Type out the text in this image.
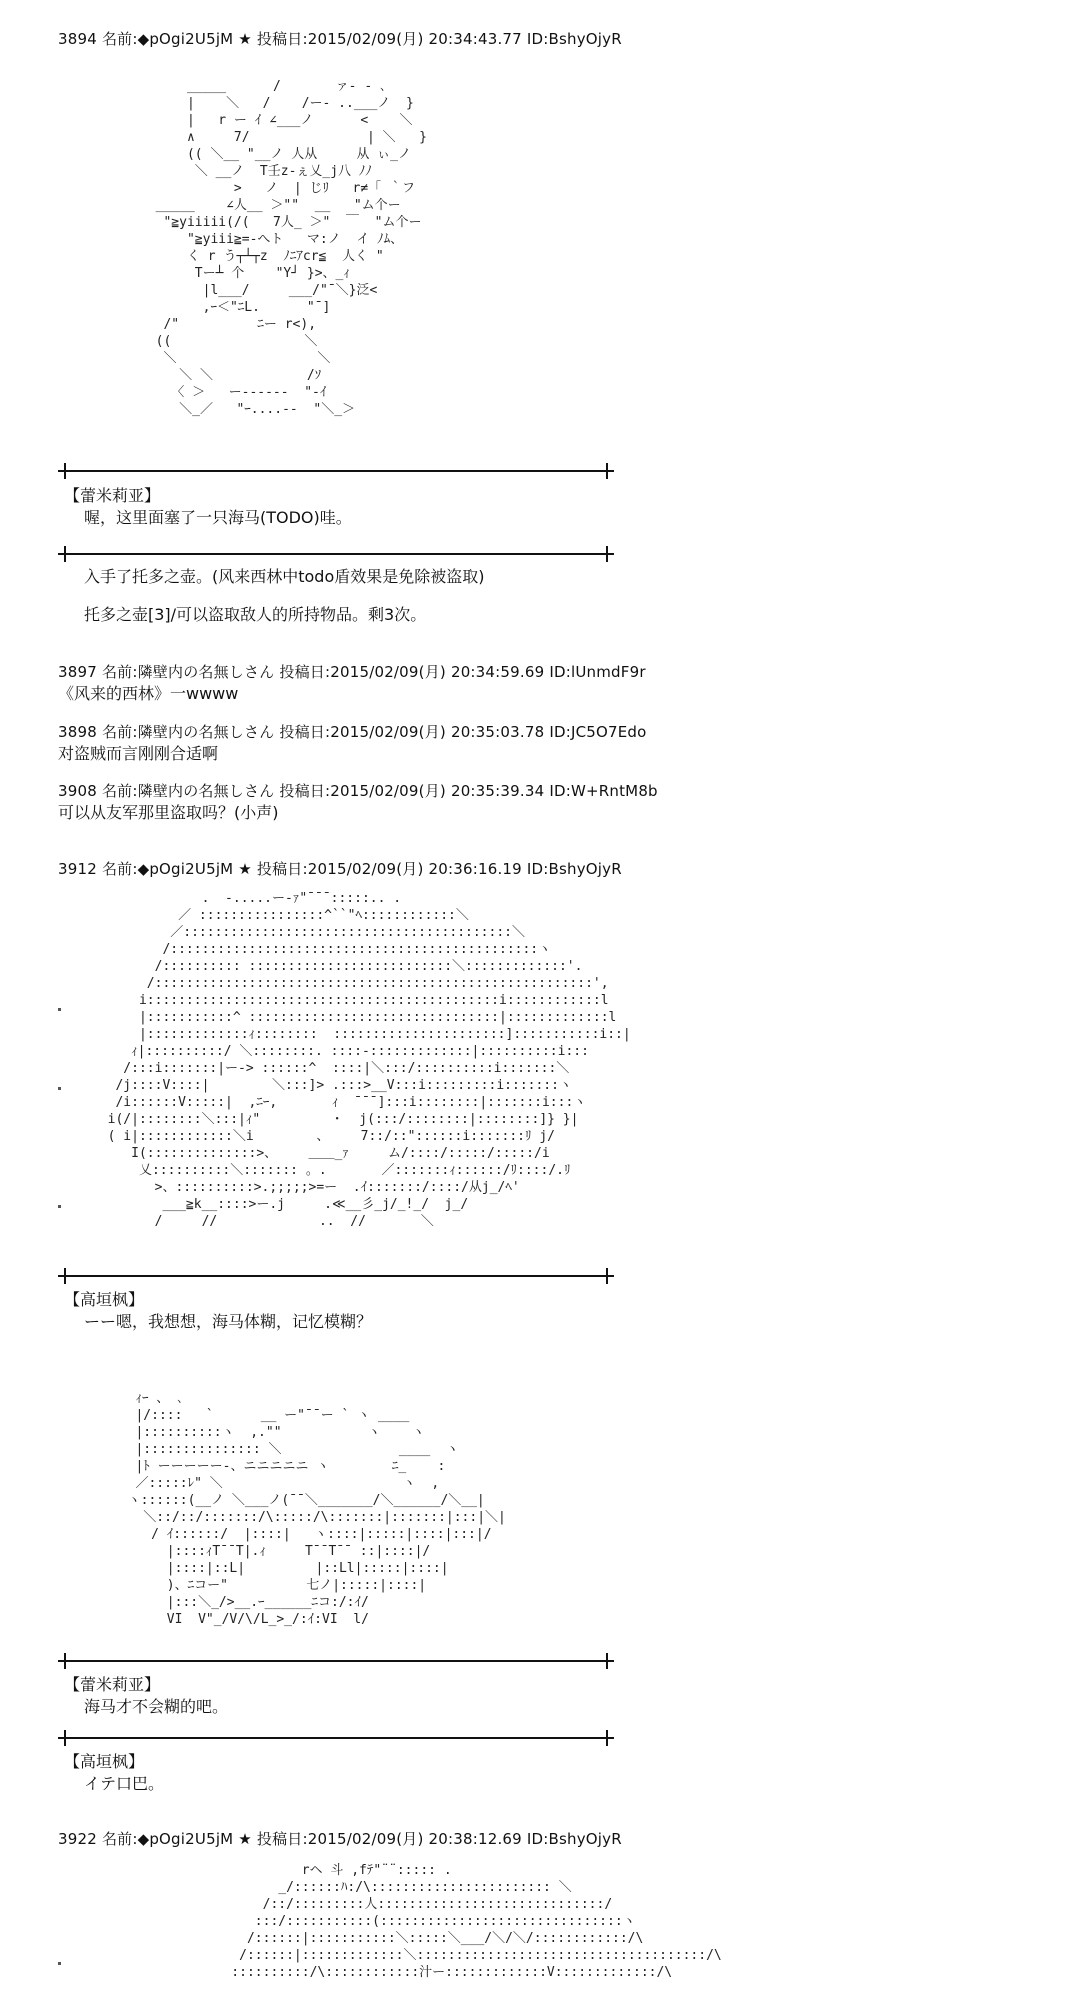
3894 名前:◆pOgi2U5jM ★ 投稿日:2015/02/09(月) 20:34:43.77 ID:BshyOjyR
_____      /       ァ‐ ‐ ､
|    ＼   /    /ー‐ ..___ノ  }
|   r ー ｲ ∠___ノ      <    ＼
∧     7/               | ＼   }
(( ＼__ "__ノ 人从     从 ぃ_ノ
＼ __ノ  T壬z-ぇ乂_j八 ﾉﾉ
>   ノ  | じﾘ   r≠「 ｀フ
_____    ∠人__ ＞""  __   "ム个ー
"≧yiiiii(/(   7人_ ＞"  ￣  "ム个ー
"≧yiii≧=-へト   マ:ノ  イ ﾉﾑ、
く r う┬┴┬z  ﾉﾆｱcr≦  人く "
Tー┴ 个    "Y┘ }>、_ｨ
|l___/     ___/"¯＼}泛<
,ｰ＜"ﾆL.      "¯]
/"          ﾆー r<),
((                 ＼
＼                  ＼
＼ ＼            /ｿ
〈 ＞   ー------  "-ｲ
＼_／   "ｰ....-‐  "＼_＞
【蕾米莉亚】
喔，这里面塞了一只海马(TODO)哇。
入手了托多之壶。(风来西林中todo盾效果是免除被盗取)
托多之壶[3]/可以盗取敌人的所持物品。剩3次。
3897 名前:隣壁内の名無しさん 投稿日:2015/02/09(月) 20:34:59.69 ID:lUnmdF9r
《风来的西林》一wwww
3898 名前:隣壁内の名無しさん 投稿日:2015/02/09(月) 20:35:03.78 ID:JC5O7Edo
对盗贼而言刚刚合适啊
3908 名前:隣壁内の名無しさん 投稿日:2015/02/09(月) 20:35:39.34 ID:W+RntM8b
可以从友军那里盗取吗？(小声)
3912 名前:◆pOgi2U5jM ★ 投稿日:2015/02/09(月) 20:36:16.19 ID:BshyOjyR
.  ‐.....ー‐ｧ"¯¯¯:::::.. .
／ ::::::::::::::::^``"ﾍ::::::::::::＼
／::::::::::::::::::::::::::::::::::::::::::＼
/:::::::::::::::::::::::::::::::::::::::::::::::ヽ
/:::::::::: ::::::::::::::::::::::::::＼:::::::::::::'.
/::::::::::::::::::::::::::::::::::::::::::::::::::::::::',
i:::::::::::::::::::::::::::::::::::::::::::::i::::::::::::l
|:::::::::::^ ::::::::::::::::::::::::::::::::|:::::::::::::l
|:::::::::::::ｨ::::::::  ::::::::::::::::::::::]:::::::::::i::|
ｨ|::::::::::/ ＼::::::::. ::::-:::::::::::::|::::::::::i:::
/:::i:::::::|ー‐> ::::::^  ::::|＼:::/::::::::::i:::::::＼
/j::::V::::|        ＼:::]> .:::>__V:::i:::::::::i:::::::ヽ
/i::::::V:::::|  ,ﾆｰ,       ｨ  ¯¯¯]:::i::::::::|:::::::i:::ヽ
i(/|::::::::＼:::|ｨ"         ・  j(:::/::::::::|::::::::]} }|
( i|::::::::::::＼i        、    7::/::"::::::i:::::::ﾘ j/
I(::::::::::::::>、    ＿＿_ｧ     ム/::::/:::::/:::::/i
乂::::::::::＼::::::: 。.       ／:::::::ｨ::::::/ﾘ::::/.ﾘ
>、::::::::::>.;;;;;>=ー  .ｲ:::::::/::::/从j_/ﾍ'
___≧k__::::>ー.j     .≪__彡_j/_!_/  j_/
/     //             ..  //       ＼
【高垣枫】
ーー嗯，我想想，海马体糊，记忆模糊？
ｨｰ 、 ､
|/::::   `      __ ー"¯¯ー ` ヽ ____
|::::::::::ヽ  ,.""           ヽ    ヽ
|::::::::::::::: ＼               ____  ヽ
|ﾄ ーーーーー-、ニニニニニ ヽ        ﾆ_    :
／:::::ﾚ" ＼                       ヽ  ,
ヽ::::::(__ノ ＼___ノ(¯¯＼_______/＼______/＼__|
＼::/::/:::::::/\:::::/\:::::::|:::::::|:::|＼|
/ ｲ::::::/  |::::|   ヽ::::|:::::|::::|:::|/
|::::ｨT¯¯T|.ｨ     T¯¯T¯¯ ::|::::|/
|::::|::L|         |::Ll|:::::|::::|
)、ﾆコー"          七ノ|:::::|::::|
|:::＼_/>__.ｰ______ﾆコ:/:ｲ/
VI  V"_/V/\/L_>_/:ｲ:VI  l/
【蕾米莉亚】
海马才不会糊的吧。
【高垣枫】
イテ口巴。
3922 名前:◆pOgi2U5jM ★ 投稿日:2015/02/09(月) 20:38:12.69 ID:BshyOjyR
rヘ 斗 ,fﾃ"¨¨::::: .
_/::::::ﾊ:/\::::::::::::::::::::::: ＼
/::/:::::::::人:::::::::::::::::::::::::::::/
:::/:::::::::::(:::::::::::::::::::::::::::::::ヽ
/::::::|:::::::::::＼:::::＼___/＼/＼/::::::::::::/\
/::::::|:::::::::::::＼:::::::::::::::::::::::::::::::::::::/\
::::::::::/\::::::::::::汁ー:::::::::::::V:::::::::::::/\
